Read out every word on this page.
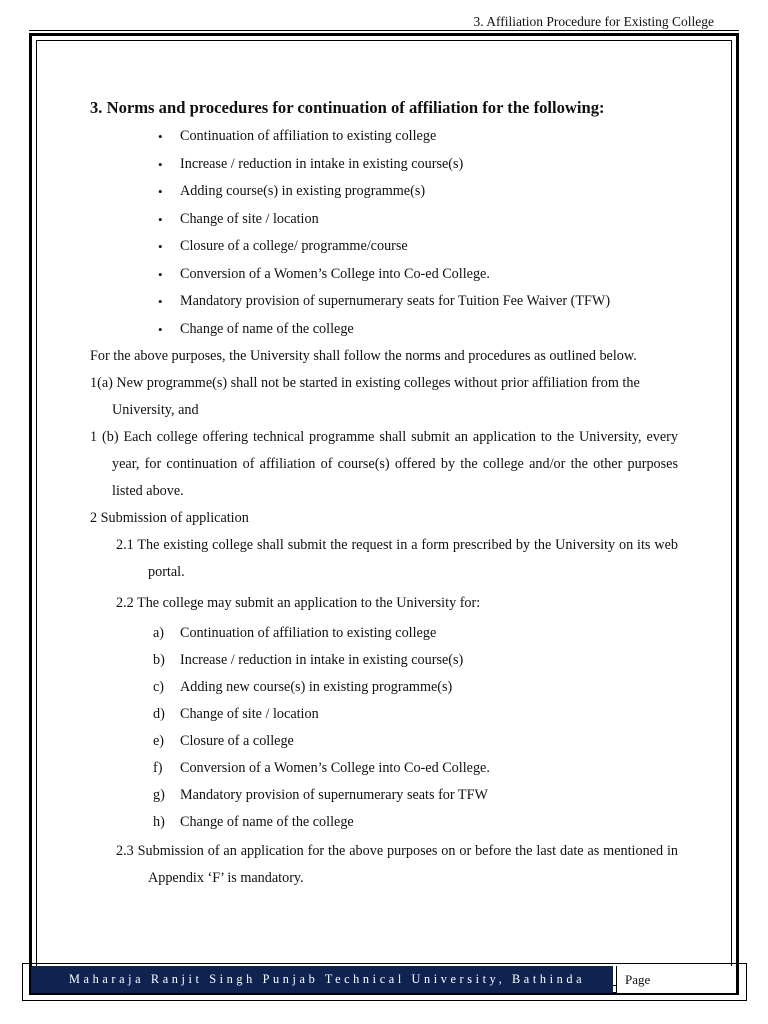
3. Affiliation Procedure for Existing College
3. Norms and procedures for continuation of affiliation for the following:
• Continuation of affiliation to existing college
• Increase / reduction in intake in existing course(s)
• Adding course(s) in existing programme(s)
• Change of site / location
• Closure of a college/ programme/course
• Conversion of a Women’s College into Co-ed College.
• Mandatory provision of supernumerary seats for Tuition Fee Waiver (TFW)
• Change of name of the college

For the above purposes, the University shall follow the norms and procedures as outlined below.

1(a) New programme(s) shall not be started in existing colleges without prior affiliation from the University, and

1 (b) Each college offering technical programme shall submit an application to the University, every year, for continuation of affiliation of course(s) offered by the college and/or the other purposes listed above.

2 Submission of application

2.1 The existing college shall submit the request in a form prescribed by the University on its web portal.

2.2 The college may submit an application to the University for:

a) Continuation of affiliation to existing college
b) Increase / reduction in intake in existing course(s)
c) Adding new course(s) in existing programme(s)
d) Change of site / location
e) Closure of a college
f) Conversion of a Women’s College into Co-ed College.
g) Mandatory provision of supernumerary seats for TFW
h) Change of name of the college

2.3 Submission of an application for the above purposes on or before the last date as mentioned in Appendix ‘F’ is mandatory.

Maharaja Ranjit Singh Punjab Technical University, Bathinda	Page
